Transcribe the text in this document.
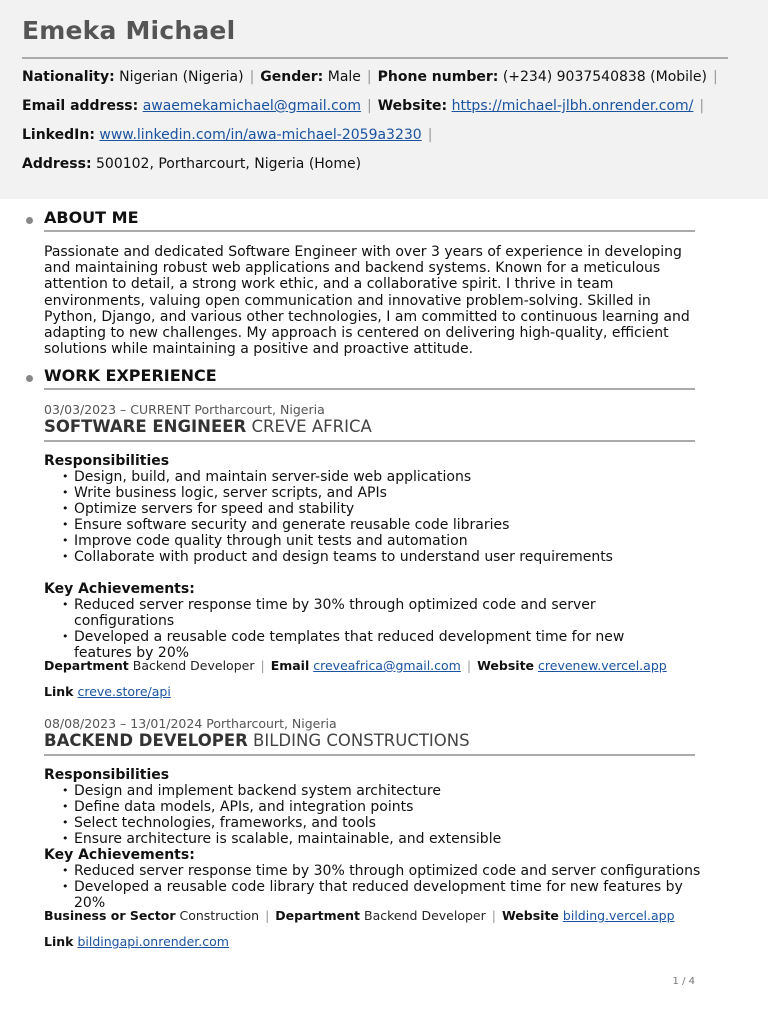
Emeka Michael
Nationality: Nigerian (Nigeria) | Gender: Male | Phone number: (+234) 9037540838 (Mobile) |
Email address: awaemekamichael@gmail.com | Website: https://michael-jlbh.onrender.com/ |
LinkedIn: www.linkedin.com/in/awa-michael-2059a3230 |
Address: 500102, Portharcourt, Nigeria (Home)
ABOUT ME
Passionate and dedicated Software Engineer with over 3 years of experience in developing and maintaining robust web applications and backend systems. Known for a meticulous attention to detail, a strong work ethic, and a collaborative spirit. I thrive in team environments, valuing open communication and innovative problem-solving. Skilled in Python, Django, and various other technologies, I am committed to continuous learning and adapting to new challenges. My approach is centered on delivering high-quality, efficient solutions while maintaining a positive and proactive attitude.
WORK EXPERIENCE
03/03/2023 – CURRENT Portharcourt, Nigeria
SOFTWARE ENGINEER CREVE AFRICA
Responsibilities
• Design, build, and maintain server-side web applications
• Write business logic, server scripts, and APIs
• Optimize servers for speed and stability
• Ensure software security and generate reusable code libraries
• Improve code quality through unit tests and automation
• Collaborate with product and design teams to understand user requirements
Key Achievements:
• Reduced server response time by 30% through optimized code and server configurations
• Developed a reusable code templates that reduced development time for new features by 20%
Department Backend Developer | Email creveafrica@gmail.com | Website crevenew.vercel.app
Link creve.store/api
08/08/2023 – 13/01/2024 Portharcourt, Nigeria
BACKEND DEVELOPER BILDING CONSTRUCTIONS
Responsibilities
• Design and implement backend system architecture
• Define data models, APIs, and integration points
• Select technologies, frameworks, and tools
• Ensure architecture is scalable, maintainable, and extensible
Key Achievements:
• Reduced server response time by 30% through optimized code and server configurations
• Developed a reusable code library that reduced development time for new features by 20%
Business or Sector Construction | Department Backend Developer | Website bilding.vercel.app
Link bildingapi.onrender.com
1 / 4
